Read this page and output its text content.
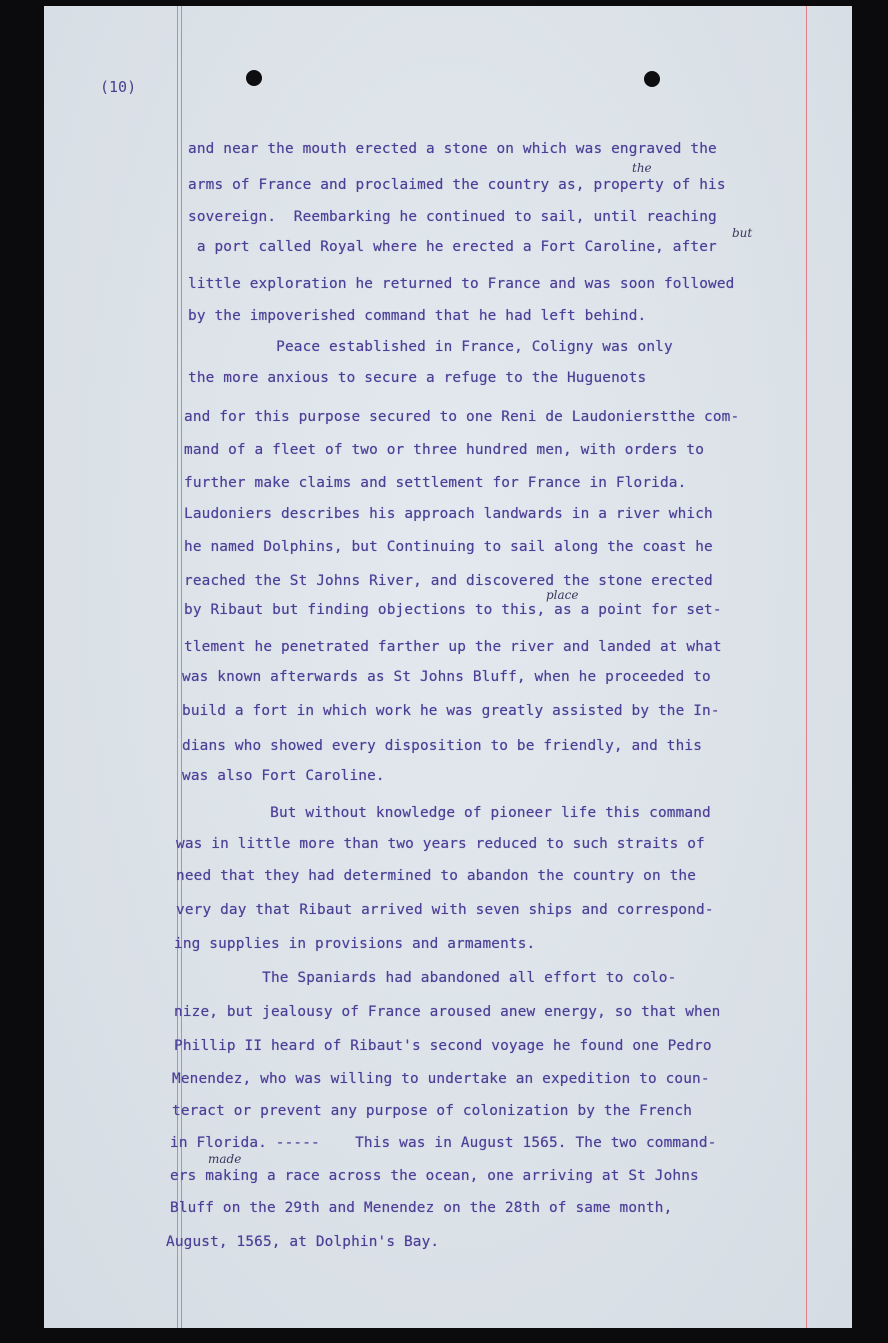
(10)
and near the mouth erected a stone on which was engraved the
arms of France and proclaimed the country as, property of his
sovereign.  Reembarking he continued to sail, until reaching
a port called Royal where he erected a Fort Caroline, after
little exploration he returned to France and was soon followed
by the impoverished command that he had left behind.
Peace established in France, Coligny was only
the more anxious to secure a refuge to the Huguenots
and for this purpose secured to one Reni de Laudonierstthe com-
mand of a fleet of two or three hundred men, with orders to
further make claims and settlement for France in Florida.
Laudoniers describes his approach landwards in a river which
he named Dolphins, but Continuing to sail along the coast he
reached the St Johns River, and discovered the stone erected
by Ribaut but finding objections to this, as a point for set-
tlement he penetrated farther up the river and landed at what
was known afterwards as St Johns Bluff, when he proceeded to
build a fort in which work he was greatly assisted by the In-
dians who showed every disposition to be friendly, and this
was also Fort Caroline.
But without knowledge of pioneer life this command
was in little more than two years reduced to such straits of
need that they had determined to abandon the country on the
very day that Ribaut arrived with seven ships and correspond-
ing supplies in provisions and armaments.
The Spaniards had abandoned all effort to colo-
nize, but jealousy of France aroused anew energy, so that when
Phillip II heard of Ribaut's second voyage he found one Pedro
Menendez, who was willing to undertake an expedition to coun-
teract or prevent any purpose of colonization by the French
in Florida. -----    This was in August 1565. The two command-
ers making a race across the ocean, one arriving at St Johns
Bluff on the 29th and Menendez on the 28th of same month,
August, 1565, at Dolphin's Bay.
the
but
place
made
